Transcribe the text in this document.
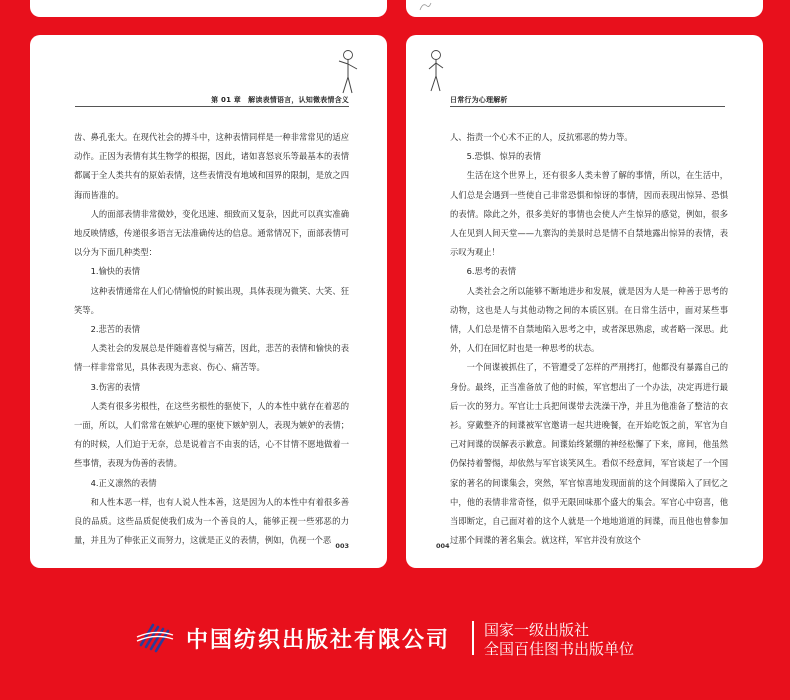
第 01 章　解读表情语言，认知微表情含义

齿、鼻孔张大。在现代社会的搏斗中，这种表情同样是一种非常常见的适应动作。正因为表情有其生物学的根据，因此，诸如喜怒哀乐等最基本的表情都属于全人类共有的原始表情，这些表情没有地域和国界的限制，是放之四海而皆准的。

人的面部表情非常微妙，变化迅速、细致而又复杂，因此可以真实准确地反映情感，传递很多语言无法准确传达的信息。通常情况下，面部表情可以分为下面几种类型：

1.愉快的表情

这种表情通常在人们心情愉悦的时候出现，具体表现为微笑、大笑、狂笑等。

2.悲苦的表情

人类社会的发展总是伴随着喜悦与痛苦，因此，悲苦的表情和愉快的表情一样非常常见，具体表现为悲哀、伤心、痛苦等。

3.伤害的表情

人类有很多劣根性，在这些劣根性的驱使下，人的本性中就存在着恶的一面，所以，人们常常在嫉妒心理的驱使下嫉妒别人，表现为嫉妒的表情；有的时候，人们迫于无奈，总是说着言不由衷的话，心不甘情不愿地做着一些事情，表现为伪善的表情。

4.正义凛然的表情

和人性本恶一样，也有人说人性本善，这是因为人的本性中有着很多善良的品质。这些品质促使我们成为一个善良的人，能够正视一些邪恶的力量，并且为了伸张正义而努力，这就是正义的表情，例如，仇视一个恶

003
日常行为心理解析

人、指责一个心术不正的人，反抗邪恶的势力等。

5.恐惧、惊异的表情

生活在这个世界上，还有很多人类未曾了解的事情，所以，在生活中，人们总是会遇到一些使自己非常恐惧和惊讶的事情，因而表现出惊异、恐惧的表情。除此之外，很多美好的事情也会使人产生惊异的感觉，例如，很多人在见到人间天堂——九寨沟的美景时总是情不自禁地露出惊异的表情，表示叹为观止！

6.思考的表情

人类社会之所以能够不断地进步和发展，就是因为人是一种善于思考的动物，这也是人与其他动物之间的本质区别。在日常生活中，面对某些事情，人们总是情不自禁地陷入思考之中，或者深思熟虑，或者略一深思。此外，人们在回忆时也是一种思考的状态。

一个间谍被抓住了，不管遭受了怎样的严刑拷打，他都没有暴露自己的身份。最终，正当准备放了他的时候，军官想出了一个办法，决定再进行最后一次的努力。军官让士兵把间谍带去洗澡干净，并且为他准备了整洁的衣衫。穿戴整齐的间谍被军官邀请一起共进晚餐，在开始吃饭之前，军官为自己对间谍的误解表示歉意。间谍始终紧绷的神经松懈了下来，席间，他虽然仍保持着警惕，却依然与军官谈笑风生。看似不经意间，军官谈起了一个国家的著名的间谍集会，突然，军官惊喜地发现面前的这个间谍陷入了回忆之中，他的表情非常奇怪，似乎无限回味那个盛大的集会。军官心中窃喜，他当即断定，自己面对着的这个人就是一个地地道道的间谍，而且他也曾参加过那个间谍的著名集会。就这样，军官并没有放这个

004
中国纺织出版社有限公司 国家一级出版社
全国百佳图书出版单位
